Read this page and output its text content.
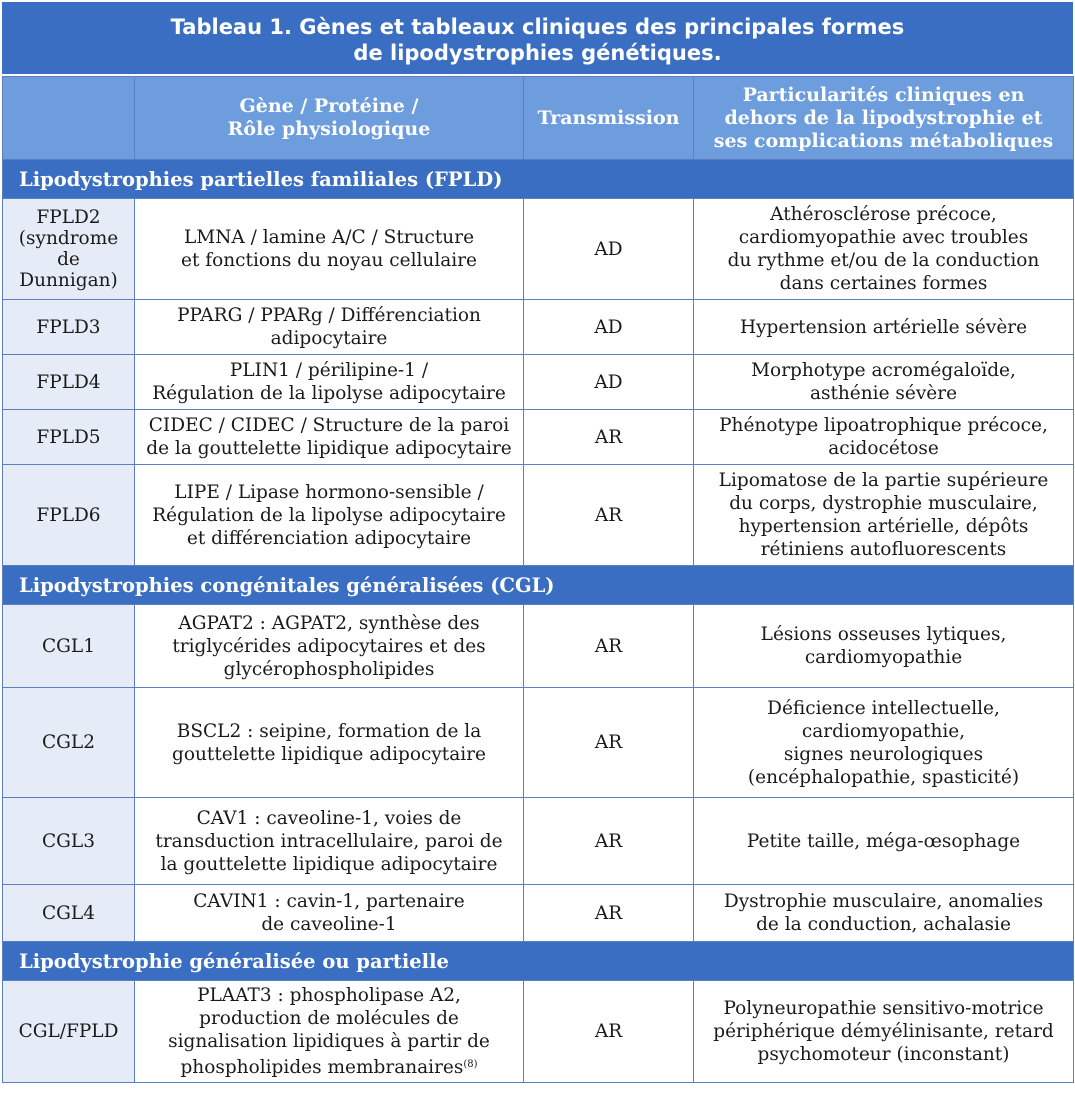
Tableau 1. Gènes et tableaux cliniques des principales formes
de lipodystrophies génétiques.
	Gène / Protéine /
Rôle physiologique	Transmission	Particularités cliniques en
dehors de la lipodystrophie et
ses complications métaboliques
Lipodystrophies partielles familiales (FPLD)			
FPLD2
(syndrome
de
Dunnigan)	LMNA / lamine A/C / Structure
et fonctions du noyau cellulaire	AD	Athérosclérose précoce,
cardiomyopathie avec troubles
du rythme et/ou de la conduction
dans certaines formes
FPLD3	PPARG / PPARg / Différenciation
adipocytaire	AD	Hypertension artérielle sévère
FPLD4	PLIN1 / périlipine-1 /
Régulation de la lipolyse adipocytaire	AD	Morphotype acromégaloïde,
asthénie sévère
FPLD5	CIDEC / CIDEC / Structure de la paroi
de la gouttelette lipidique adipocytaire	AR	Phénotype lipoatrophique précoce,
acidocétose
FPLD6	LIPE / Lipase hormono-sensible /
Régulation de la lipolyse adipocytaire
et différenciation adipocytaire	AR	Lipomatose de la partie supérieure
du corps, dystrophie musculaire,
hypertension artérielle, dépôts
rétiniens autofluorescents
Lipodystrophies congénitales généralisées (CGL)			
CGL1	AGPAT2 : AGPAT2, synthèse des
triglycérides adipocytaires et des
glycérophospholipides	AR	Lésions osseuses lytiques,
cardiomyopathie
CGL2	BSCL2 : seipine, formation de la
gouttelette lipidique adipocytaire	AR	Déficience intellectuelle,
cardiomyopathie,
signes neurologiques
(encéphalopathie, spasticité)
CGL3	CAV1 : caveoline-1, voies de
transduction intracellulaire, paroi de
la gouttelette lipidique adipocytaire	AR	Petite taille, méga-œsophage
CGL4	CAVIN1 : cavin-1, partenaire
de caveoline-1	AR	Dystrophie musculaire, anomalies
de la conduction, achalasie
Lipodystrophie généralisée ou partielle			
CGL/FPLD	PLAAT3 : phospholipase A2,
production de molécules de
signalisation lipidiques à partir de
phospholipides membranaires$^{(8)}$	AR	Polyneuropathie sensitivo-motrice
périphérique démyélinisante, retard
psychomoteur (inconstant)
